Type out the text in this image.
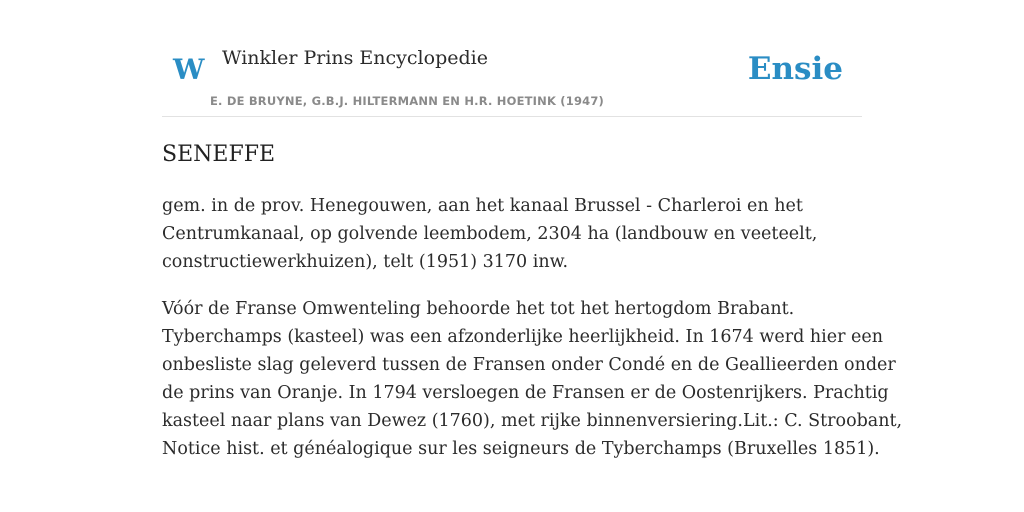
W Winkler Prins Encyclopedie
E. DE BRUYNE, G.B.J. HILTERMANN EN H.R. HOETINK (1947)
Ensie
SENEFFE

gem. in de prov. Henegouwen, aan het kanaal Brussel - Charleroi en het
Centrumkanaal, op golvende leembodem, 2304 ha (landbouw en veeteelt,
constructiewerkhuizen), telt (1951) 3170 inw.

Vóór de Franse Omwenteling behoorde het tot het hertogdom Brabant.
Tyberchamps (kasteel) was een afzonderlijke heerlijkheid. In 1674 werd hier een
onbesliste slag geleverd tussen de Fransen onder Condé en de Geallieerden onder
de prins van Oranje. In 1794 versloegen de Fransen er de Oostenrijkers. Prachtig
kasteel naar plans van Dewez (1760), met rijke binnenversiering.Lit.: C. Stroobant,
Notice hist. et généalogique sur les seigneurs de Tyberchamps (Bruxelles 1851).
